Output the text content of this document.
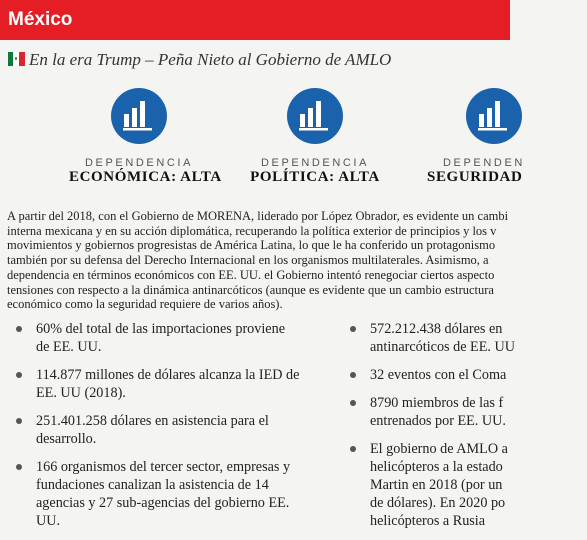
México
En la era Trump – Peña Nieto al Gobierno de AMLO
DEPENDENCIA
ECONÓMICA: ALTA
DEPENDENCIA
POLÍTICA: ALTA
DEPENDEN
SEGURIDAD
A partir del 2018, con el Gobierno de MORENA, liderado por López Obrador, es evidente un cambi
interna mexicana y en su acción diplomática, recuperando la política exterior de principios y los v
movimientos y gobiernos progresistas de América Latina, lo que le ha conferido un protagonismo
también por su defensa del Derecho Internacional en los organismos multilaterales. Asimismo, a
dependencia en términos económicos con EE. UU. el Gobierno intentó renegociar ciertos aspecto
tensiones con respecto a la dinámica antinarcóticos (aunque es evidente que un cambio estructura
económico como la seguridad requiere de varios años).
60% del total de las importaciones proviene
de EE. UU.
114.877 millones de dólares alcanza la IED de
EE. UU (2018).
251.401.258 dólares en asistencia para el
desarrollo.
166 organismos del tercer sector, empresas y
fundaciones canalizan la asistencia de 14
agencias y 27 sub-agencias del gobierno EE.
UU.
572.212.438 dólares en
antinarcóticos de EE. UU
32 eventos con el Coma
8790 miembros de las f
entrenados por EE. UU.
El gobierno de AMLO a
helicópteros a la estado
Martin en 2018 (por un
de dólares). En 2020 po
helicópteros a Rusia
